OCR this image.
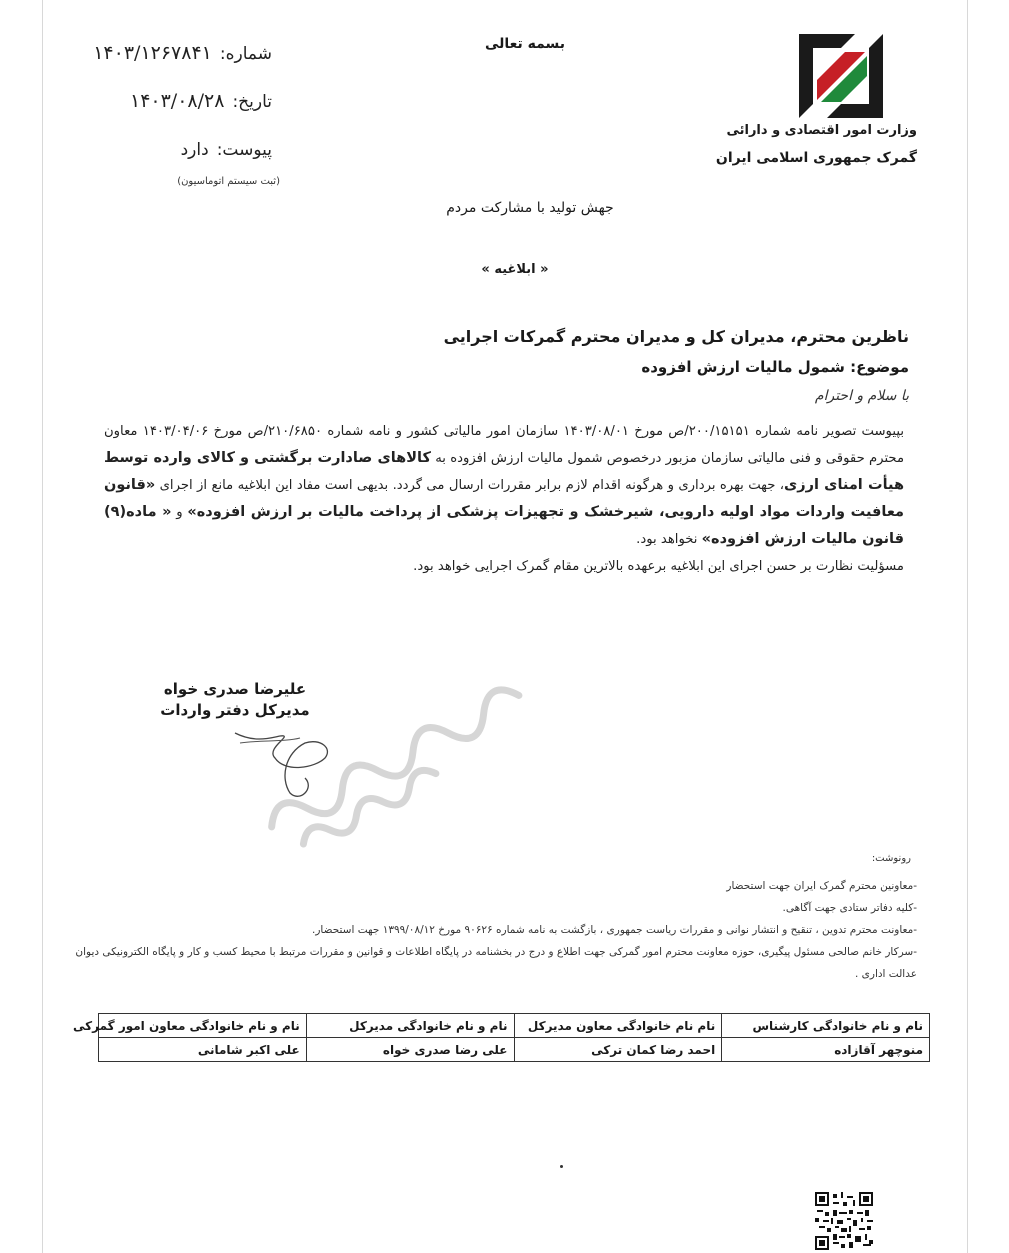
شماره:۱۴۰۳/۱۲۶۷۸۴۱
تاریخ:۱۴۰۳/۰۸/۲۸
پیوست:دارد
(ثبت سیستم اتوماسیون)
بسمه تعالی
وزارت امور اقتصادی و دارائی
گمرک جمهوری اسلامی ایران
جهش تولید با مشارکت مردم
« ابلاغیه »
ناظرین محترم، مدیران کل و مدیران محترم گمرکات اجرایی
موضوع: شمول مالیات ارزش افزوده
با سلام و احترام

بپیوست تصویر نامه شماره ۲۰۰/۱۵۱۵۱/ص مورخ ۱۴۰۳/۰۸/۰۱ سازمان امور مالیاتی کشور و نامه شماره ۲۱۰/۶۸۵۰/ص مورخ ۱۴۰۳/۰۴/۰۶ معاون محترم حقوقی و فنی مالیاتی سازمان مزبور درخصوص شمول مالیات ارزش افزوده به کالاهای صادارت برگشتی و کالای وارده توسط هیأت امنای ارزی، جهت بهره برداری و هرگونه اقدام لازم برابر مقررات ارسال می گردد. بدیهی است مفاد این ابلاغیه مانع از اجرای «قانون معافیت واردات مواد اولیه دارویی، شیرخشک و تجهیزات پزشکی از پرداخت مالیات بر ارزش افزوده» و « ماده(۹) قانون مالیات ارزش افزوده» نخواهد بود.

مسؤلیت نظارت بر حسن اجرای این ابلاغیه برعهده بالاترین مقام گمرک اجرایی خواهد بود.

علیرضا صدری خواه
مدیرکل دفتر واردات
رونوشت:
-معاونین محترم گمرک ایران جهت استحضار
-کلیه دفاتر ستادی جهت آگاهی.
-معاونت محترم تدوین ، تنقیح و انتشار نوانی و مقررات ریاست جمهوری ، بازگشت به نامه شماره ۹۰۶۲۶ مورخ ۱۳۹۹/۰۸/۱۲ جهت استحضار.
-سرکار خانم صالحی مسئول پیگیری، حوزه معاونت محترم امور گمرکی جهت اطلاع و درج در بخشنامه در پایگاه اطلاعات و قوانین و مقررات مرتبط با محیط کسب و کار و پایگاه الکترونیکی دیوان
عدالت اداری .
نام و نام خانوادگی کارشناس	نام نام خانوادگی معاون مدیرکل	نام و نام خانوادگی مدیرکل	نام و نام خانوادگی معاون امور گمرکی
منوچهر آقازاده	احمد رضا کمان ترکی	علی رضا صدری خواه	علی اکبر شامانی
